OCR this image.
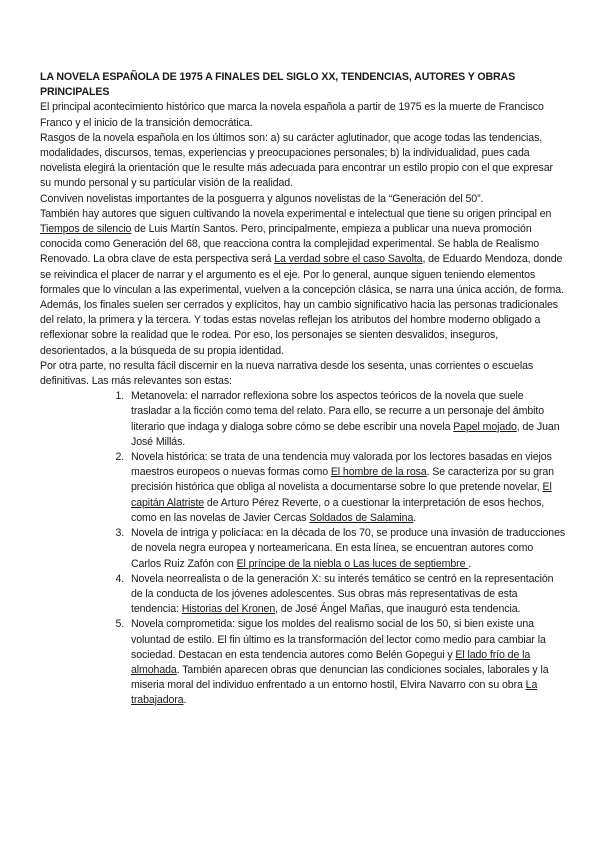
LA NOVELA ESPAÑOLA DE 1975 A FINALES DEL SIGLO XX, TENDENCIAS, AUTORES Y OBRAS PRINCIPALES

El principal acontecimiento histórico que marca la novela española a partir de 1975 es la muerte de Francisco Franco y el inicio de la transición democrática.

Rasgos de la novela española en los últimos son: a) su carácter aglutinador, que acoge todas las tendencias, modalidades, discursos, temas, experiencias y preocupaciones personales; b) la individualidad, pues cada novelista elegirá la orientación que le resulte más adecuada para encontrar un estilo propio con el que expresar su mundo personal y su particular visión de la realidad.

Conviven novelistas importantes de la posguerra y algunos novelistas de la “Generación del 50”.

También hay autores que siguen cultivando la novela experimental e intelectual que tiene su origen principal en Tiempos de silencio de Luis Martín Santos. Pero, principalmente, empieza a publicar una nueva promoción conocida como Generación del 68, que reacciona contra la complejidad experimental. Se habla de Realismo Renovado. La obra clave de esta perspectiva será La verdad sobre el caso Savolta, de Eduardo Mendoza, donde se reivindica el placer de narrar y el argumento es el eje. Por lo general, aunque siguen teniendo elementos formales que lo vinculan a las experimental, vuelven a la concepción clásica, se narra una única acción, de forma. Además, los finales suelen ser cerrados y explícitos, hay un cambio significativo hacia las personas tradicionales del relato, la primera y la tercera. Y todas estas novelas reflejan los atributos del hombre moderno obligado a reflexionar sobre la realidad que le rodea. Por eso, los personajes se sienten desvalidos, inseguros, desorientados, a la búsqueda de su propia identidad.

Por otra parte, no resulta fácil discernir en la nueva narrativa desde los sesenta, unas corrientes o escuelas definitivas. Las más relevantes son estas:

1. Metanovela: el narrador reflexiona sobre los aspectos teóricos de la novela que suele trasladar a la ficción como tema del relato. Para ello, se recurre a un personaje del ámbito literario que indaga y dialoga sobre cómo se debe escribir una novela Papel mojado, de Juan José Millás.
2. Novela histórica: se trata de una tendencia muy valorada por los lectores basadas en viejos maestros europeos o nuevas formas como El hombre de la rosa. Se caracteriza por su gran precisión histórica que obliga al novelista a documentarse sobre lo que pretende novelar, El capitán Alatriste de Arturo Pérez Reverte, o a cuestionar la interpretación de esos hechos, como en las novelas de Javier Cercas Soldados de Salamina.
3. Novela de intriga y policíaca: en la década de los 70, se produce una invasión de traducciones de novela negra europea y norteamericana. En esta línea, se encuentran autores como Carlos Ruiz Zafón con El príncipe de la niebla o Las luces de septiembre .
4. Novela neorrealista o de la generación X: su interés temático se centró en la representación de la conducta de los jóvenes adolescentes. Sus obras más representativas de esta tendencia: Historias del Kronen, de José Ángel Mañas, que inauguró esta tendencia.
5. Novela comprometida: sigue los moldes del realismo social de los 50, si bien existe una voluntad de estilo. El fin último es la transformación del lector como medio para cambiar la sociedad. Destacan en esta tendencia autores como Belén Gopegui y El lado frío de la almohada. También aparecen obras que denuncian las condiciones sociales, laborales y la miseria moral del individuo enfrentado a un entorno hostil, Elvira Navarro con su obra La trabajadora.
